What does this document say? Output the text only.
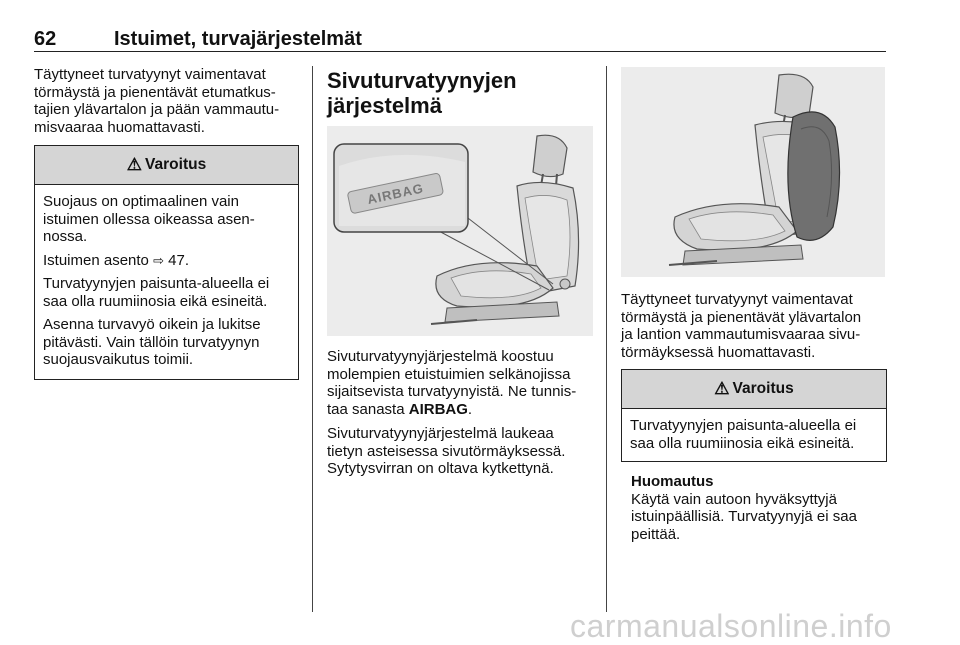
62	Istuimet, turvajärjestelmät
Täyttyneet turvatyynyt vaimentavat
törmäystä ja pienentävät etumatkus-
tajien ylävartalon ja pään vammautu-
misvaaraa huomattavasti.
⚠ Varoitus

Suojaus on optimaalinen vain
istuimen ollessa oikeassa asen-
nossa.

Istuimen asento ⇨ 47.

Turvatyynyjen paisunta-alueella ei
saa olla ruumiinosia eikä esineitä.

Asenna turvavyö oikein ja lukitse
pitävästi. Vain tällöin turvatyynyn
suojausvaikutus toimii.

Sivuturvatyynyjen
järjestelmä
AIRBAG
Sivuturvatyynyjärjestelmä koostuu
molempien etuistuimien selkänojissa
sijaitsevista turvatyynyistä. Ne tunnis-
taa sanasta AIRBAG.
Sivuturvatyynyjärjestelmä laukeaa
tietyn asteisessa sivutörmäyksessä.
Sytytysvirran on oltava kytkettynä.
Täyttyneet turvatyynyt vaimentavat
törmäystä ja pienentävät ylävartalon
ja lantion vammautumisvaaraa sivu-
törmäyksessä huomattavasti.
⚠ Varoitus

Turvatyynyjen paisunta-alueella ei
saa olla ruumiinosia eikä esineitä.

Huomautus
Käytä vain autoon hyväksyttyjä
istuinpäällisiä. Turvatyynyjä ei saa
peittää.
carmanualsonline.info
